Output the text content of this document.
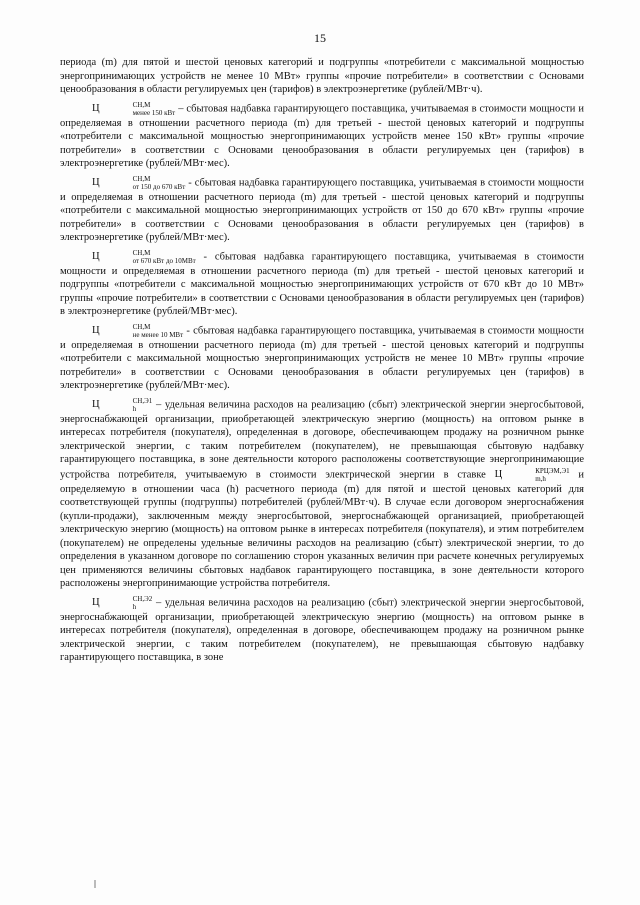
15

периода (m) для пятой и шестой ценовых категорий и подгруппы «потребители с максимальной мощностью энергопринимающих устройств не менее 10 МВт» группы «прочие потребители» в соответствии с Основами ценообразования в области регулируемых цен (тарифов) в электроэнергетике (рублей/МВт·ч).

Ц	СН,М
менее 150 кВт – сбытовая надбавка гарантирующего поставщика, учитываемая в стоимости мощности и определяемая в отношении расчетного периода (m) для третьей - шестой ценовых категорий и подгруппы «потребители с максимальной мощностью энергопринимающих устройств менее 150 кВт» группы «прочие потребители» в соответствии с Основами ценообразования в области регулируемых цен (тарифов) в электроэнергетике (рублей/МВт·мес).

Ц	СН,М
от 150 до 670 кВт - сбытовая надбавка гарантирующего поставщика, учитываемая в стоимости мощности и определяемая в отношении расчетного периода (m) для третьей - шестой ценовых категорий и подгруппы «потребители с максимальной мощностью энергопринимающих устройств от 150 до 670 кВт» группы «прочие потребители» в соответствии с Основами ценообразования в области регулируемых цен (тарифов) в электроэнергетике (рублей/МВт·мес).

Ц	СН,М
от 670 кВт до 10МВт - сбытовая надбавка гарантирующего поставщика, учитываемая в стоимости мощности и определяемая в отношении расчетного периода (m) для третьей - шестой ценовых категорий и подгруппы «потребители с максимальной мощностью энергопринимающих устройств от 670 кВт до 10 МВт» группы «прочие потребители» в соответствии с Основами ценообразования в области регулируемых цен (тарифов) в электроэнергетике (рублей/МВт·мес).

Ц	СН,М
не менее 10 МВт - сбытовая надбавка гарантирующего поставщика, учитываемая в стоимости мощности и определяемая в отношении расчетного периода (m) для третьей - шестой ценовых категорий и подгруппы «потребители с максимальной мощностью энергопринимающих устройств не менее 10 МВт» группы «прочие потребители» в соответствии с Основами ценообразования в области регулируемых цен (тарифов) в электроэнергетике (рублей/МВт·мес).

Ц	СН,Э1
h	– удельная величина расходов на реализацию (сбыт) электрической энергии энергосбытовой, энергоснабжающей организации, приобретающей электрическую энергию (мощность) на оптовом рынке в интересах потребителя (покупателя), определенная в договоре, обеспечивающем продажу на розничном рынке электрической энергии, с таким потребителем (покупателем), не превышающая сбытовую надбавку гарантирующего поставщика, в зоне деятельности которого расположены соответствующие энергопринимающие устройства потребителя, учитываемую в стоимости электрической энергии в ставке Ц	КРЦЭМ,Э1
m,h	и определяемую в отношении часа (h) расчетного периода (m) для пятой и шестой ценовых категорий для соответствующей группы (подгруппы) потребителей (рублей/МВт·ч). В случае если договором энергоснабжения (купли-продажи), заключенным между энергосбытовой, энергоснабжающей организацией, приобретающей электрическую энергию (мощность) на оптовом рынке в интересах потребителя (покупателя), и этим потребителем (покупателем) не определены удельные величины расходов на реализацию (сбыт) электрической энергии, то до определения в указанном договоре по соглашению сторон указанных величин при расчете конечных регулируемых цен применяются величины сбытовых надбавок гарантирующего поставщика, в зоне деятельности которого расположены энергопринимающие устройства потребителя.

Ц	СН,Э2
h	– удельная величина расходов на реализацию (сбыт) электрической энергии энергосбытовой, энергоснабжающей организации, приобретающей электрическую энергию (мощность) на оптовом рынке в интересах потребителя (покупателя), определенная в договоре, обеспечивающем продажу на розничном рынке электрической энергии, с таким потребителем (покупателем), не превышающая сбытовую надбавку гарантирующего поставщика, в зоне
